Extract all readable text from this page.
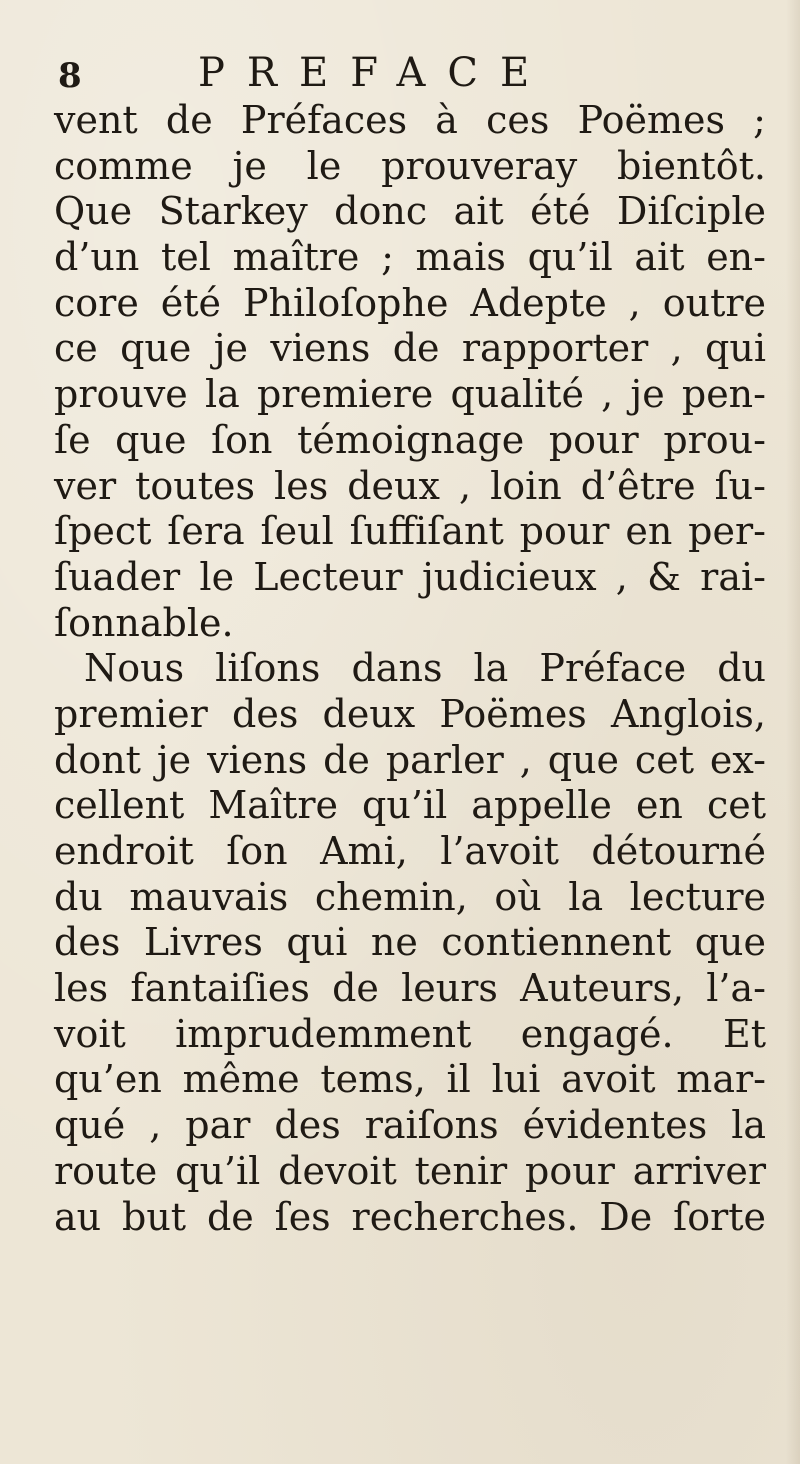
8	PREFACE
vent de Préfaces à ces Poëmes ;
comme je le prouveray bientôt.
Que Starkey donc ait été Diſciple
d’un tel maître ; mais qu’il ait en-
core été Philoſophe Adepte , outre
ce que je viens de rapporter , qui
prouve la premiere qualité , je pen-
ſe que ſon témoignage pour prou-
ver toutes les deux , loin d’être ſu-
ſpect ſera ſeul ſuffiſant pour en per-
ſuader le Lecteur judicieux , & rai-
ſonnable.
Nous liſons dans la Préface du
premier des deux Poëmes Anglois,
dont je viens de parler , que cet ex-
cellent Maître qu’il appelle en cet
endroit ſon Ami, l’avoit détourné
du mauvais chemin, où la lecture
des Livres qui ne contiennent que
les fantaiſies de leurs Auteurs, l’a-
voit imprudemment engagé. Et
qu’en même tems, il lui avoit mar-
qué , par des raiſons évidentes la
route qu’il devoit tenir pour arriver
au but de ſes recherches. De ſorte
